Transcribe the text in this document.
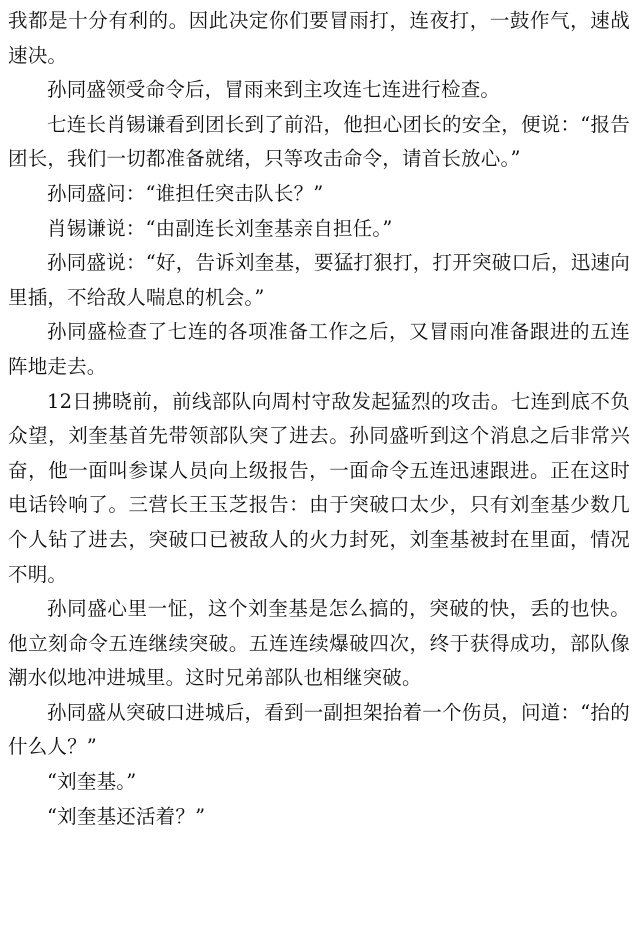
我都是十分有利的。因此决定你们要冒雨打，连夜打，一鼓作气，速战速决。

孙同盛领受命令后，冒雨来到主攻连七连进行检查。

七连长肖锡谦看到团长到了前沿，他担心团长的安全，便说：“报告团长，我们一切都准备就绪，只等攻击命令，请首长放心。”

孙同盛问：“谁担任突击队长？”

肖锡谦说：“由副连长刘奎基亲自担任。”

孙同盛说：“好，告诉刘奎基，要猛打狠打，打开突破口后，迅速向里插，不给敌人喘息的机会。”

孙同盛检查了七连的各项准备工作之后，又冒雨向准备跟进的五连阵地走去。

12日拂晓前，前线部队向周村守敌发起猛烈的攻击。七连到底不负众望，刘奎基首先带领部队突了进去。孙同盛听到这个消息之后非常兴奋，他一面叫参谋人员向上级报告，一面命令五连迅速跟进。正在这时电话铃响了。三营长王玉芝报告：由于突破口太少，只有刘奎基少数几个人钻了进去，突破口已被敌人的火力封死，刘奎基被封在里面，情况不明。

孙同盛心里一怔，这个刘奎基是怎么搞的，突破的快，丢的也快。他立刻命令五连继续突破。五连连续爆破四次，终于获得成功，部队像潮水似地冲进城里。这时兄弟部队也相继突破。

孙同盛从突破口进城后，看到一副担架抬着一个伤员，问道：“抬的什么人？”

“刘奎基。”

“刘奎基还活着？”
